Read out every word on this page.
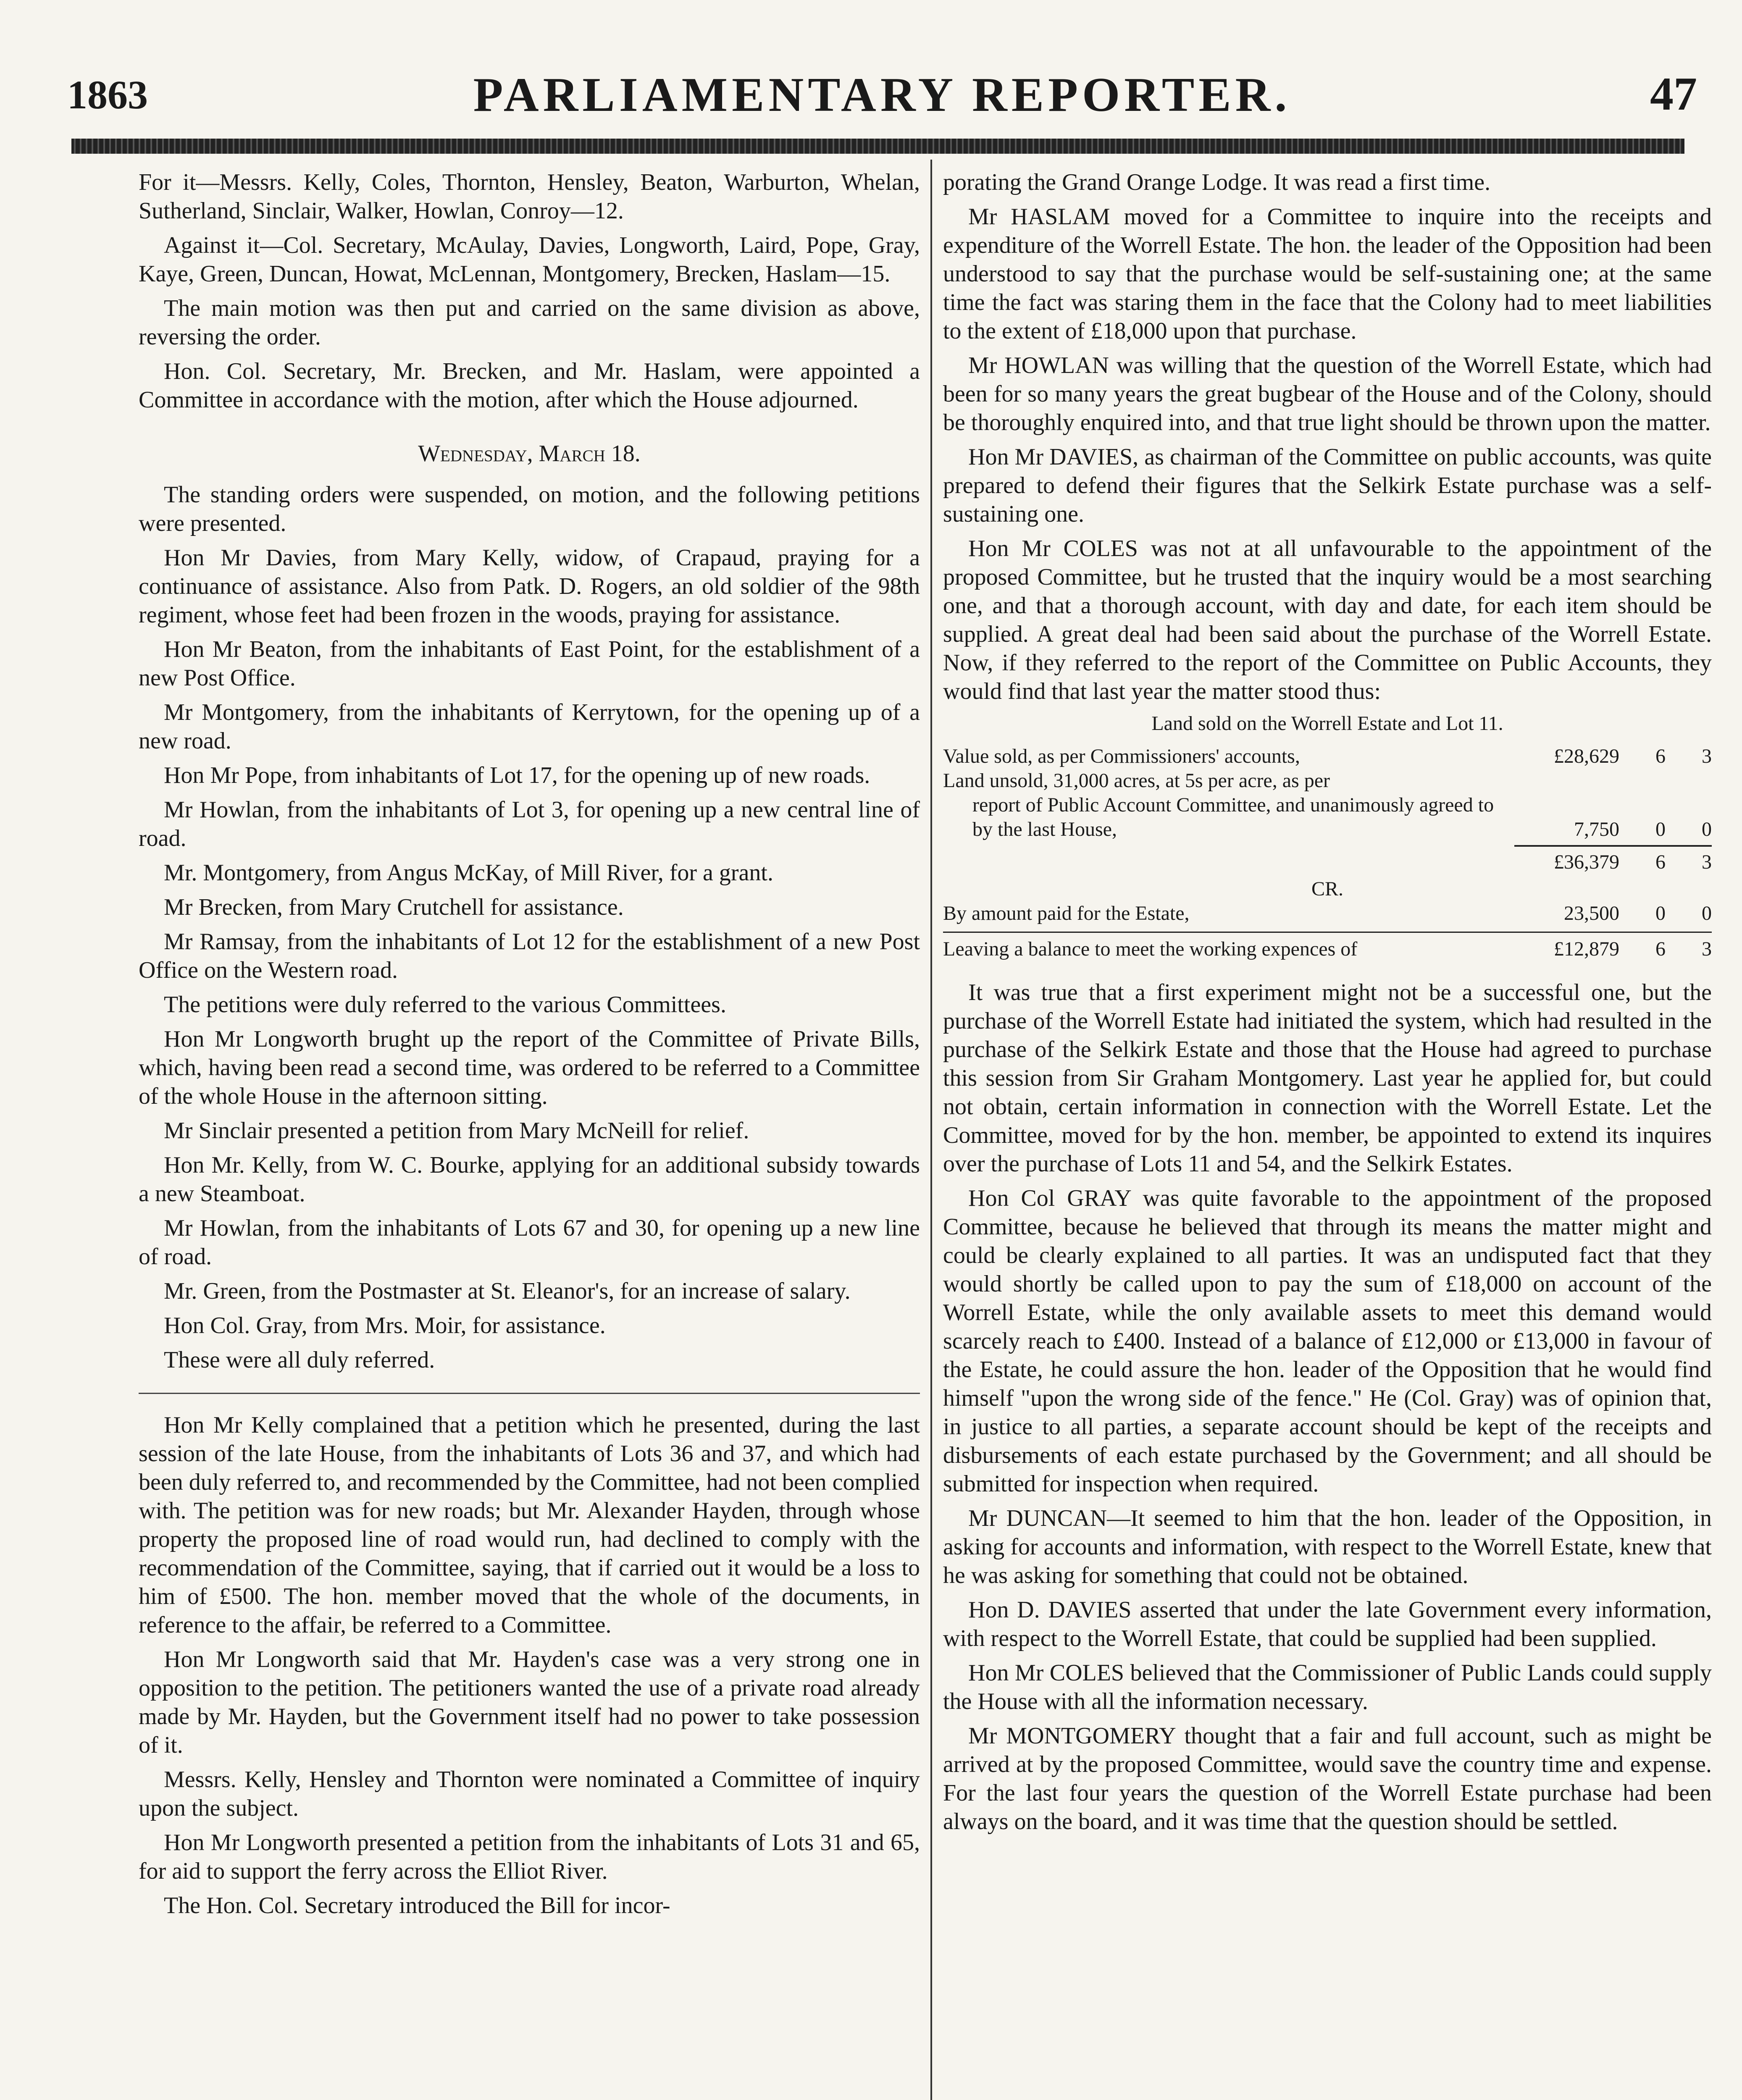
1863	PARLIAMENTARY REPORTER.	47

For it—Messrs. Kelly, Coles, Thornton, Hensley, Beaton, Warburton, Whelan, Sutherland, Sinclair, Walker, Howlan, Conroy—12.

Against it—Col. Secretary, McAulay, Davies, Longworth, Laird, Pope, Gray, Kaye, Green, Duncan, Howat, McLennan, Montgomery, Brecken, Haslam—15.

The main motion was then put and carried on the same division as above, reversing the order.

Hon. Col. Secretary, Mr. Brecken, and Mr. Haslam, were appointed a Committee in accordance with the motion, after which the House adjourned.

Wednesday, March 18.

The standing orders were suspended, on motion, and the following petitions were presented.

Hon Mr Davies, from Mary Kelly, widow, of Crapaud, praying for a continuance of assistance. Also from Patk. D. Rogers, an old soldier of the 98th regiment, whose feet had been frozen in the woods, praying for assistance.

Hon Mr Beaton, from the inhabitants of East Point, for the establishment of a new Post Office.

Mr Montgomery, from the inhabitants of Kerrytown, for the opening up of a new road.

Hon Mr Pope, from inhabitants of Lot 17, for the opening up of new roads.

Mr Howlan, from the inhabitants of Lot 3, for opening up a new central line of road.

Mr. Montgomery, from Angus McKay, of Mill River, for a grant.

Mr Brecken, from Mary Crutchell for assistance.

Mr Ramsay, from the inhabitants of Lot 12 for the establishment of a new Post Office on the Western road.

The petitions were duly referred to the various Committees.

Hon Mr Longworth brught up the report of the Committee of Private Bills, which, having been read a second time, was ordered to be referred to a Committee of the whole House in the afternoon sitting.

Mr Sinclair presented a petition from Mary McNeill for relief.

Hon Mr. Kelly, from W. C. Bourke, applying for an additional subsidy towards a new Steamboat.

Mr Howlan, from the inhabitants of Lots 67 and 30, for opening up a new line of road.

Mr. Green, from the Postmaster at St. Eleanor's, for an increase of salary.

Hon Col. Gray, from Mrs. Moir, for assistance.

These were all duly referred.

Hon Mr Kelly complained that a petition which he presented, during the last session of the late House, from the inhabitants of Lots 36 and 37, and which had been duly referred to, and recommended by the Committee, had not been complied with. The petition was for new roads; but Mr. Alexander Hayden, through whose property the proposed line of road would run, had declined to comply with the recommendation of the Committee, saying, that if carried out it would be a loss to him of £500. The hon. member moved that the whole of the documents, in reference to the affair, be referred to a Committee.

Hon Mr Longworth said that Mr. Hayden's case was a very strong one in opposition to the petition. The petitioners wanted the use of a private road already made by Mr. Hayden, but the Government itself had no power to take possession of it.

Messrs. Kelly, Hensley and Thornton were nominated a Committee of inquiry upon the subject.

Hon Mr Longworth presented a petition from the inhabitants of Lots 31 and 65, for aid to support the ferry across the Elliot River.

The Hon. Col. Secretary introduced the Bill for incor-

porating the Grand Orange Lodge. It was read a first time.

Mr HASLAM moved for a Committee to inquire into the receipts and expenditure of the Worrell Estate. The hon. the leader of the Opposition had been understood to say that the purchase would be self-sustaining one; at the same time the fact was staring them in the face that the Colony had to meet liabilities to the extent of £18,000 upon that purchase.

Mr HOWLAN was willing that the question of the Worrell Estate, which had been for so many years the great bugbear of the House and of the Colony, should be thoroughly enquired into, and that true light should be thrown upon the matter.

Hon Mr DAVIES, as chairman of the Committee on public accounts, was quite prepared to defend their figures that the Selkirk Estate purchase was a self-sustaining one.

Hon Mr COLES was not at all unfavourable to the appointment of the proposed Committee, but he trusted that the inquiry would be a most searching one, and that a thorough account, with day and date, for each item should be supplied. A great deal had been said about the purchase of the Worrell Estate. Now, if they referred to the report of the Committee on Public Accounts, they would find that last year the matter stood thus:

Land sold on the Worrell Estate and Lot 11.
Value sold, as per Commissioners' accounts,	£28,629	6	3
Land unsold, 31,000 acres, at 5s per acre, as per
report of Public Account Committee, and unanimously agreed to by the last House,	7,750	0	0
£36,379	6	3
CR.
By amount paid for the Estate,	23,500	0	0
Leaving a balance to meet the working expences of	£12,879	6	3

It was true that a first experiment might not be a successful one, but the purchase of the Worrell Estate had initiated the system, which had resulted in the purchase of the Selkirk Estate and those that the House had agreed to purchase this session from Sir Graham Montgomery. Last year he applied for, but could not obtain, certain information in connection with the Worrell Estate. Let the Committee, moved for by the hon. member, be appointed to extend its inquires over the purchase of Lots 11 and 54, and the Selkirk Estates.

Hon Col GRAY was quite favorable to the appointment of the proposed Committee, because he believed that through its means the matter might and could be clearly explained to all parties. It was an undisputed fact that they would shortly be called upon to pay the sum of £18,000 on account of the Worrell Estate, while the only available assets to meet this demand would scarcely reach to £400. Instead of a balance of £12,000 or £13,000 in favour of the Estate, he could assure the hon. leader of the Opposition that he would find himself "upon the wrong side of the fence." He (Col. Gray) was of opinion that, in justice to all parties, a separate account should be kept of the receipts and disbursements of each estate purchased by the Government; and all should be submitted for inspection when required.

Mr DUNCAN—It seemed to him that the hon. leader of the Opposition, in asking for accounts and information, with respect to the Worrell Estate, knew that he was asking for something that could not be obtained.

Hon D. DAVIES asserted that under the late Government every information, with respect to the Worrell Estate, that could be supplied had been supplied.

Hon Mr COLES believed that the Commissioner of Public Lands could supply the House with all the information necessary.

Mr MONTGOMERY thought that a fair and full account, such as might be arrived at by the proposed Committee, would save the country time and expense. For the last four years the question of the Worrell Estate purchase had been always on the board, and it was time that the question should be settled.
